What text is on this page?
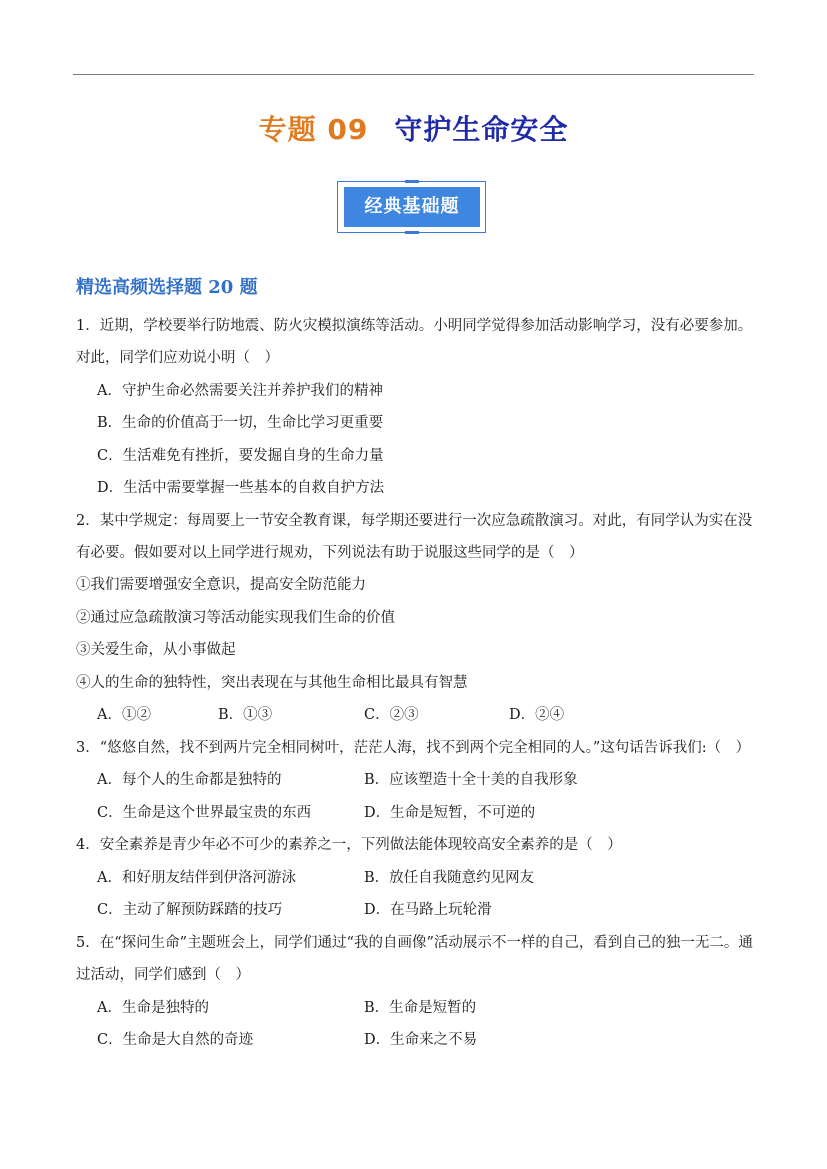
专题 09 守护生命安全
经典基础题
精选高频选择题 20 题
1．近期，学校要举行防地震、防火灾模拟演练等活动。小明同学觉得参加活动影响学习，没有必要参加。
对此，同学们应劝说小明（　）
A．守护生命必然需要关注并养护我们的精神
B．生命的价值高于一切，生命比学习更重要
C．生活难免有挫折，要发掘自身的生命力量
D．生活中需要掌握一些基本的自救自护方法
2．某中学规定：每周要上一节安全教育课，每学期还要进行一次应急疏散演习。对此，有同学认为实在没
有必要。假如要对以上同学进行规劝，下列说法有助于说服这些同学的是（　）
①我们需要增强安全意识，提高安全防范能力
②通过应急疏散演习等活动能实现我们生命的价值
③关爱生命，从小事做起
④人的生命的独特性，突出表现在与其他生命相比最具有智慧
A．①②	B．①③	C．②③	D．②④
3．“悠悠自然，找不到两片完全相同树叶，茫茫人海，找不到两个完全相同的人。”这句话告诉我们:（　）
A．每个人的生命都是独特的	B．应该塑造十全十美的自我形象
C．生命是这个世界最宝贵的东西	D．生命是短暂，不可逆的
4．安全素养是青少年必不可少的素养之一，下列做法能体现较高安全素养的是（　）
A．和好朋友结伴到伊洛河游泳	B．放任自我随意约见网友
C．主动了解预防踩踏的技巧	D．在马路上玩轮滑
5．在“探问生命”主题班会上，同学们通过“我的自画像”活动展示不一样的自己，看到自己的独一无二。通
过活动，同学们感到（　）
A．生命是独特的	B．生命是短暂的
C．生命是大自然的奇迹	D．生命来之不易
